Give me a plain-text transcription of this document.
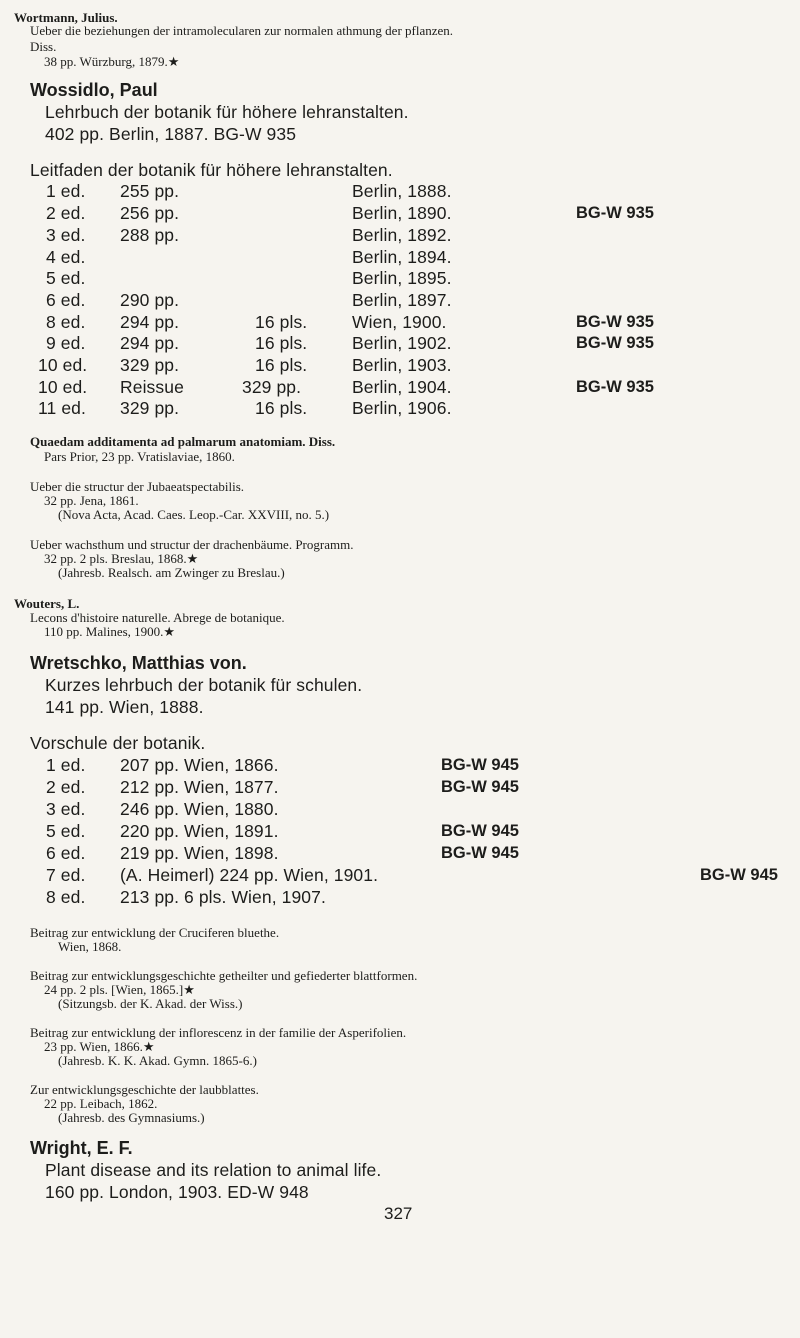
Wortmann, Julius.
Ueber die beziehungen der intramolecularen zur normalen athmung der pflanzen.
Diss.
38 pp. Würzburg, 1879.★
Wossidlo, Paul
Lehrbuch der botanik für höhere lehranstalten.
402 pp. Berlin, 1887. BG-W 935
Leitfaden der botanik für höhere lehranstalten.
1 ed. 255 pp.	Berlin, 1888.
2 ed. 256 pp.	Berlin, 1890.	BG-W 935
3 ed. 288 pp.	Berlin, 1892.
4 ed.	Berlin, 1894.
5 ed.	Berlin, 1895.
6 ed. 290 pp.	Berlin, 1897.
8 ed. 294 pp.	16 pls.	Wien, 1900.	BG-W 935
9 ed. 294 pp.	16 pls.	Berlin, 1902.	BG-W 935
10 ed. 329 pp.	16 pls.	Berlin, 1903.
10 ed. Reissue	329 pp.	Berlin, 1904.	BG-W 935
11 ed. 329 pp.	16 pls.	Berlin, 1906.
Quaedam additamenta ad palmarum anatomiam. Diss.
Pars Prior, 23 pp. Vratislaviae, 1860.
Ueber die structur der Jubaeatspectabilis.
32 pp. Jena, 1861.
(Nova Acta, Acad. Caes. Leop.-Car. XXVIII, no. 5.)
Ueber wachsthum und structur der drachenbäume. Programm.
32 pp. 2 pls. Breslau, 1868.★
(Jahresb. Realsch. am Zwinger zu Breslau.)
Wouters, L.
Lecons d'histoire naturelle. Abrege de botanique.
110 pp. Malines, 1900.★
Wretschko, Matthias von.
Kurzes lehrbuch der botanik für schulen.
141 pp. Wien, 1888.
Vorschule der botanik.
1 ed. 207 pp. Wien, 1866.	BG-W 945
2 ed. 212 pp. Wien, 1877.	BG-W 945
3 ed. 246 pp. Wien, 1880.
5 ed. 220 pp. Wien, 1891.	BG-W 945
6 ed. 219 pp. Wien, 1898.	BG-W 945
7 ed. (A. Heimerl) 224 pp. Wien, 1901.	BG-W 945
8 ed. 213 pp. 6 pls. Wien, 1907.
Beitrag zur entwicklung der Cruciferen bluethe.
Wien, 1868.
Beitrag zur entwicklungsgeschichte getheilter und gefiederter blattformen.
24 pp. 2 pls. [Wien, 1865.]★
(Sitzungsb. der K. Akad. der Wiss.)
Beitrag zur entwicklung der inflorescenz in der familie der Asperifolien.
23 pp. Wien, 1866.★
(Jahresb. K. K. Akad. Gymn. 1865-6.)
Zur entwicklungsgeschichte der laubblattes.
22 pp. Leibach, 1862.
(Jahresb. des Gymnasiums.)
Wright, E. F.
Plant disease and its relation to animal life.
160 pp. London, 1903. ED-W 948
327
